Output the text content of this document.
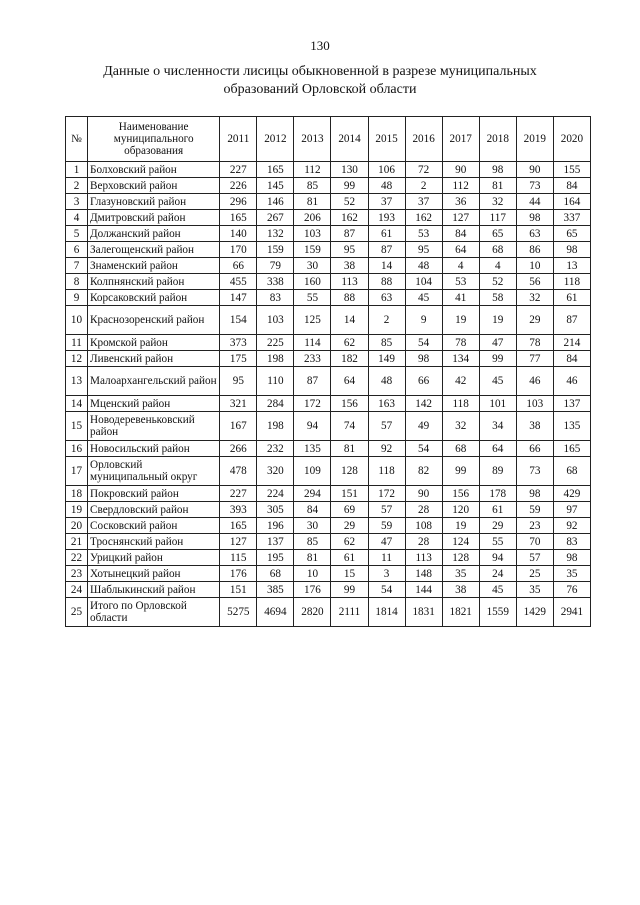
130
Данные о численности лисицы обыкновенной в разрезе муниципальных
образований Орловской области
№	Наименование муниципального образования	2011	2012	2013	2014	2015	2016	2017	2018	2019	2020
1	Болховский район	227	165	112	130	106	72	90	98	90	155
2	Верховский район	226	145	85	99	48	2	112	81	73	84
3	Глазуновский район	296	146	81	52	37	37	36	32	44	164
4	Дмитровский район	165	267	206	162	193	162	127	117	98	337
5	Должанский район	140	132	103	87	61	53	84	65	63	65
6	Залегощенский район	170	159	159	95	87	95	64	68	86	98
7	Знаменский район	66	79	30	38	14	48	4	4	10	13
8	Колпнянский район	455	338	160	113	88	104	53	52	56	118
9	Корсаковский район	147	83	55	88	63	45	41	58	32	61
10	Краснозоренский район	154	103	125	14	2	9	19	19	29	87
11	Кромской район	373	225	114	62	85	54	78	47	78	214
12	Ливенский район	175	198	233	182	149	98	134	99	77	84
13	Малоархангельский район	95	110	87	64	48	66	42	45	46	46
14	Мценский район	321	284	172	156	163	142	118	101	103	137
15	Новодеревеньковский район	167	198	94	74	57	49	32	34	38	135
16	Новосильский район	266	232	135	81	92	54	68	64	66	165
17	Орловский муниципальный округ	478	320	109	128	118	82	99	89	73	68
18	Покровский район	227	224	294	151	172	90	156	178	98	429
19	Свердловский район	393	305	84	69	57	28	120	61	59	97
20	Сосковский район	165	196	30	29	59	108	19	29	23	92
21	Троснянский район	127	137	85	62	47	28	124	55	70	83
22	Урицкий район	115	195	81	61	11	113	128	94	57	98
23	Хотынецкий район	176	68	10	15	3	148	35	24	25	35
24	Шаблыкинский район	151	385	176	99	54	144	38	45	35	76
25	Итого по Орловской области	5275	4694	2820	2111	1814	1831	1821	1559	1429	2941
